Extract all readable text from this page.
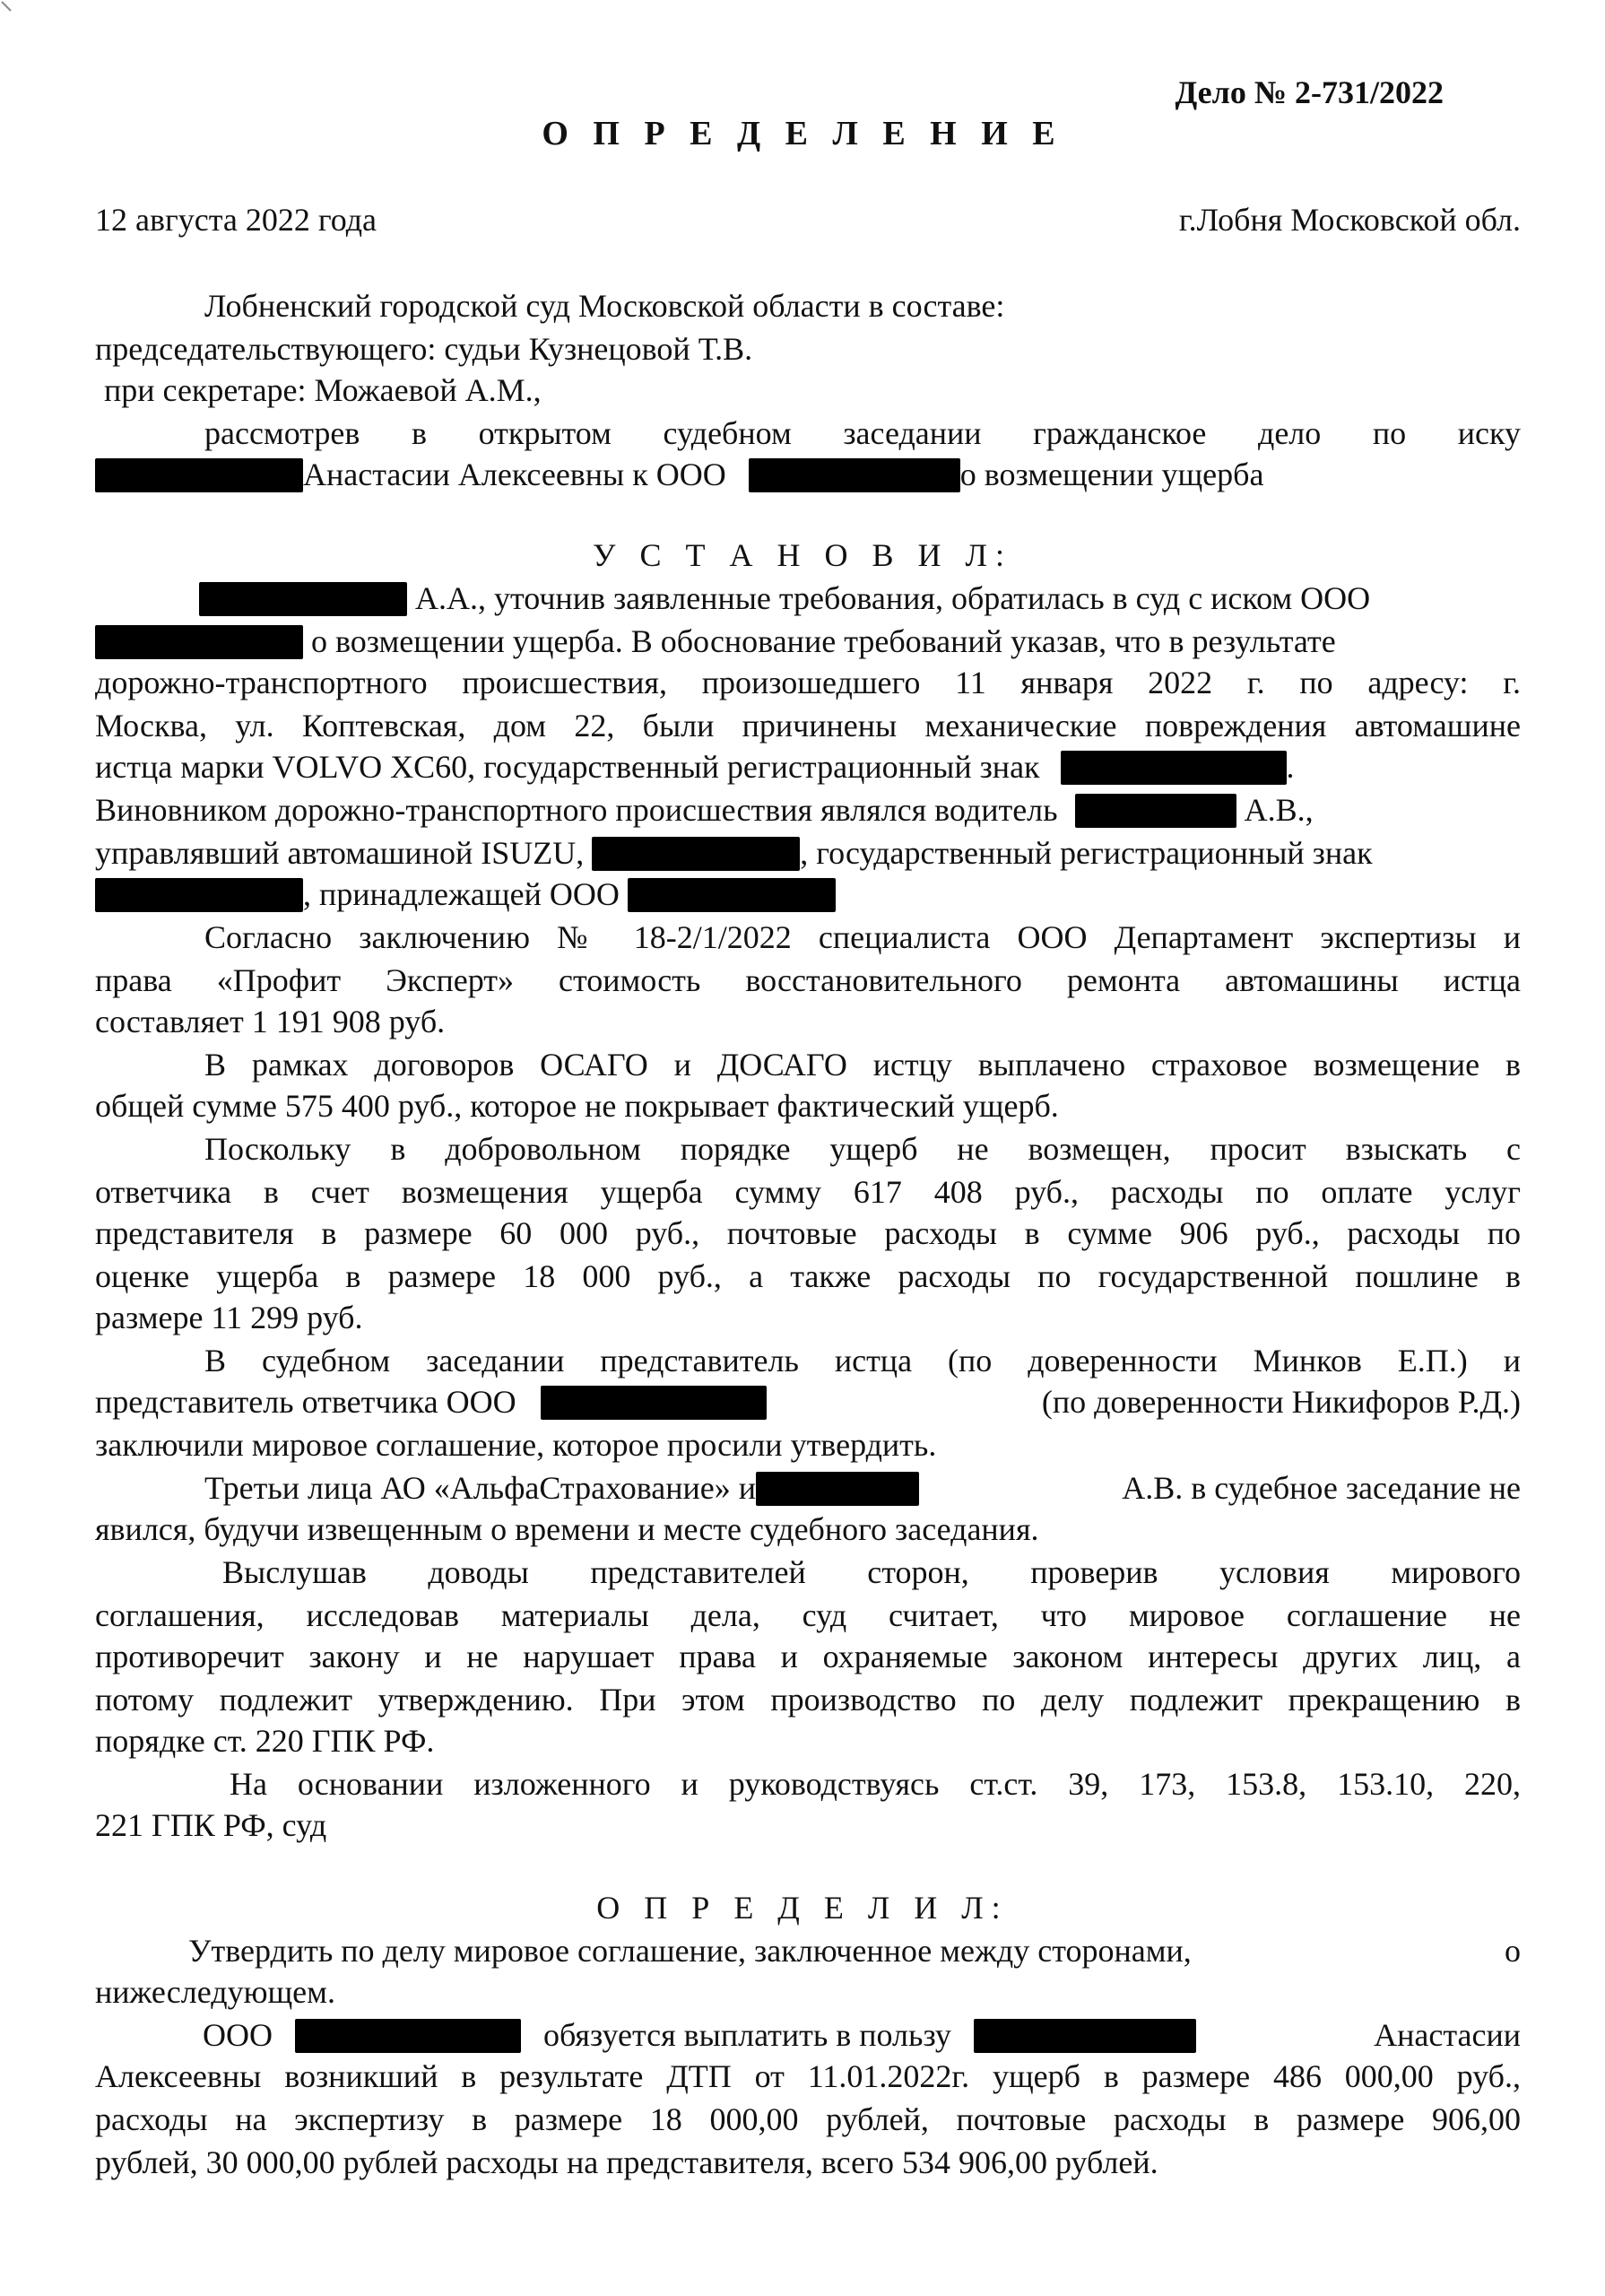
Дело № 2-731/2022
О П Р Е Д Е Л Е Н И Е
12 августа 2022 года	г.Лобня Московской обл.
Лобненский городской суд Московской области в составе:
председательствующего: судьи Кузнецовой Т.В.
при секретаре: Можаевой А.М.,
рассмотрев в открытом судебном заседании гражданское дело по иску
Анастасии Алексеевны к ООО	о возмещении ущерба
У С Т А Н О В И Л:
А.А., уточнив заявленные требования, обратилась в суд с иском ООО
о возмещении ущерба. В обоснование требований указав, что в результате
дорожно-транспортного происшествия, произошедшего 11 января 2022 г. по адресу: г.
Москва, ул. Коптевская, дом 22, были причинены механические повреждения автомашине
истца марки VOLVO XC60, государственный регистрационный знак	.
Виновником дорожно-транспортного происшествия являлся водитель	А.В.,
управлявший автомашиной ISUZU,	, государственный регистрационный знак
, принадлежащей ООО
Согласно заключению № 18-2/1/2022 специалиста ООО Департамент экспертизы и
права «Профит Эксперт» стоимость восстановительного ремонта автомашины истца
составляет 1 191 908 руб.
В рамках договоров ОСАГО и ДОСАГО истцу выплачено страховое возмещение в
общей сумме 575 400 руб., которое не покрывает фактический ущерб.
Поскольку в добровольном порядке ущерб не возмещен, просит взыскать с
ответчика в счет возмещения ущерба сумму 617 408 руб., расходы по оплате услуг
представителя в размере 60 000 руб., почтовые расходы в сумме 906 руб., расходы по
оценке ущерба в размере 18 000 руб., а также расходы по государственной пошлине в
размере 11 299 руб.
В судебном заседании представитель истца (по доверенности Минков Е.П.) и
представитель ответчика ООО	(по доверенности Никифоров Р.Д.)
заключили мировое соглашение, которое просили утвердить.
Третьи лица АО «АльфаСтрахование» и	А.В. в судебное заседание не
явился, будучи извещенным о времени и месте судебного заседания.
Выслушав доводы представителей сторон, проверив условия мирового
соглашения, исследовав материалы дела, суд считает, что мировое соглашение не
противоречит закону и не нарушает права и охраняемые законом интересы других лиц, а
потому подлежит утверждению. При этом производство по делу подлежит прекращению в
порядке ст. 220 ГПК РФ.
На основании изложенного и руководствуясь ст.ст. 39, 173, 153.8, 153.10, 220,
221 ГПК РФ, суд
О П Р Е Д Е Л И Л:
Утвердить по делу мировое соглашение, заключенное между сторонами,	о
нижеследующем.
ООО	обязуется выплатить в пользу	Анастасии
Алексеевны возникший в результате ДТП от 11.01.2022г. ущерб в размере 486 000,00 руб.,
расходы на экспертизу в размере 18 000,00 рублей, почтовые расходы в размере 906,00
рублей, 30 000,00 рублей расходы на представителя, всего 534 906,00 рублей.
